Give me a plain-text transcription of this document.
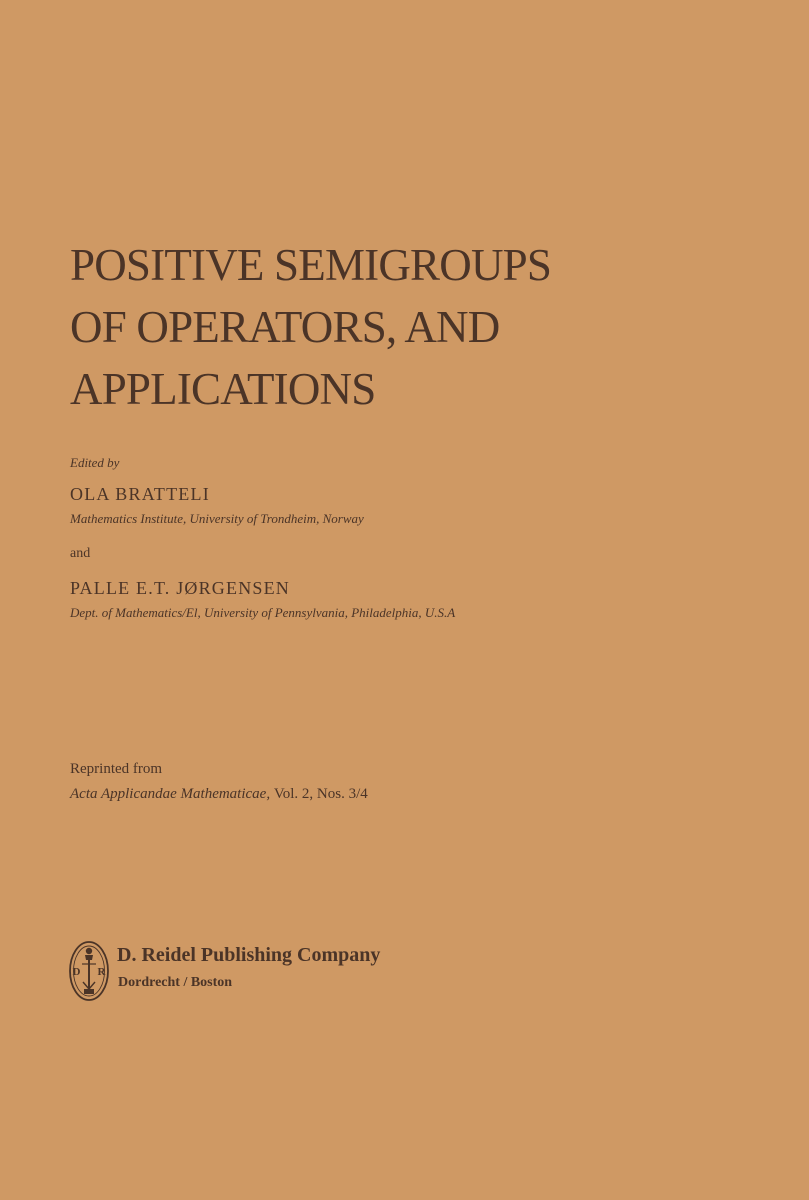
POSITIVE SEMIGROUPS
OF OPERATORS, AND
APPLICATIONS
Edited by
OLA BRATTELI
Mathematics Institute, University of Trondheim, Norway
and
PALLE E.T. JØRGENSEN
Dept. of Mathematics/El, University of Pennsylvania, Philadelphia, U.S.A
Reprinted from
Acta Applicandae Mathematicae, Vol. 2, Nos. 3/4
D R
D. Reidel Publishing Company
Dordrecht / Boston
